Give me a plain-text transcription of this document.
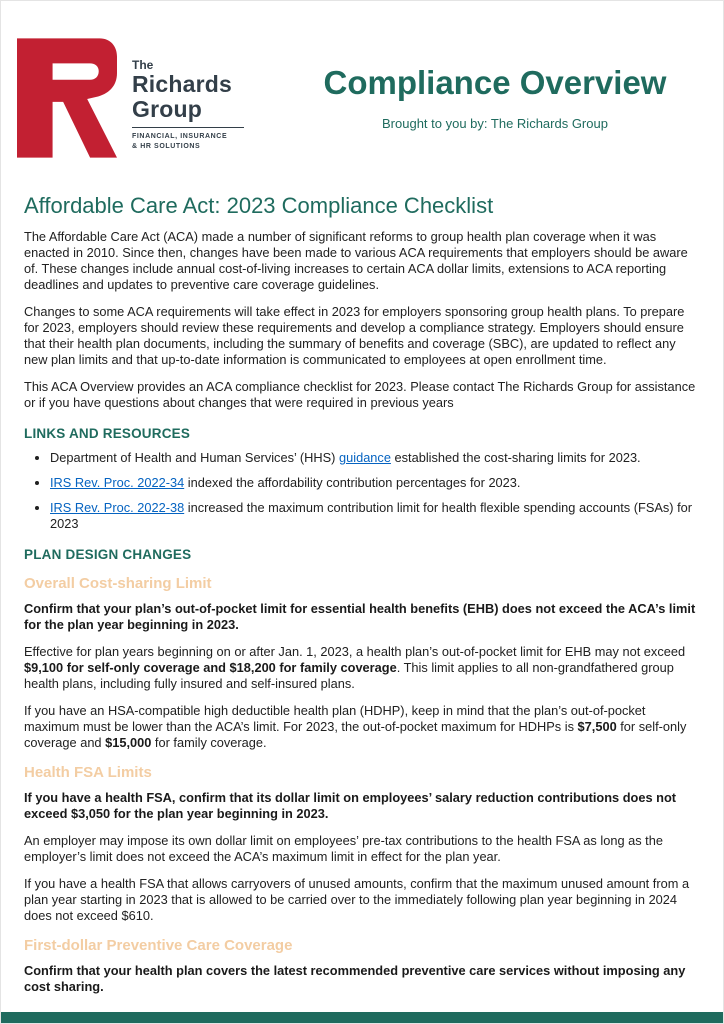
The
Richards
Group
FINANCIAL, INSURANCE
& HR SOLUTIONS
Compliance Overview
Brought to you by: The Richards Group
Affordable Care Act: 2023 Compliance Checklist

The Affordable Care Act (ACA) made a number of significant reforms to group health plan coverage when it was enacted in 2010. Since then, changes have been made to various ACA requirements that employers should be aware of. These changes include annual cost-of-living increases to certain ACA dollar limits, extensions to ACA reporting deadlines and updates to preventive care coverage guidelines.

Changes to some ACA requirements will take effect in 2023 for employers sponsoring group health plans. To prepare for 2023, employers should review these requirements and develop a compliance strategy. Employers should ensure that their health plan documents, including the summary of benefits and coverage (SBC), are updated to reflect any new plan limits and that up-to-date information is communicated to employees at open enrollment time.

This ACA Overview provides an ACA compliance checklist for 2023. Please contact The Richards Group for assistance or if you have questions about changes that were required in previous years

LINKS AND RESOURCES
• Department of Health and Human Services’ (HHS) guidance established the cost-sharing limits for 2023.
• IRS Rev. Proc. 2022-34 indexed the affordability contribution percentages for 2023.
• IRS Rev. Proc. 2022-38 increased the maximum contribution limit for health flexible spending accounts (FSAs) for 2023
PLAN DESIGN CHANGES
Overall Cost-sharing Limit

Confirm that your plan’s out-of-pocket limit for essential health benefits (EHB) does not exceed the ACA’s limit for the plan year beginning in 2023.

Effective for plan years beginning on or after Jan. 1, 2023, a health plan’s out-of-pocket limit for EHB may not exceed $9,100 for self-only coverage and $18,200 for family coverage. This limit applies to all non-grandfathered group health plans, including fully insured and self-insured plans.

If you have an HSA-compatible high deductible health plan (HDHP), keep in mind that the plan’s out-of-pocket maximum must be lower than the ACA’s limit. For 2023, the out-of-pocket maximum for HDHPs is $7,500 for self-only coverage and $15,000 for family coverage.

Health FSA Limits

If you have a health FSA, confirm that its dollar limit on employees’ salary reduction contributions does not exceed $3,050 for the plan year beginning in 2023.

An employer may impose its own dollar limit on employees’ pre-tax contributions to the health FSA as long as the employer’s limit does not exceed the ACA’s maximum limit in effect for the plan year.

If you have a health FSA that allows carryovers of unused amounts, confirm that the maximum unused amount from a plan year starting in 2023 that is allowed to be carried over to the immediately following plan year beginning in 2024 does not exceed $610.

First-dollar Preventive Care Coverage

Confirm that your health plan covers the latest recommended preventive care services without imposing any cost sharing.
